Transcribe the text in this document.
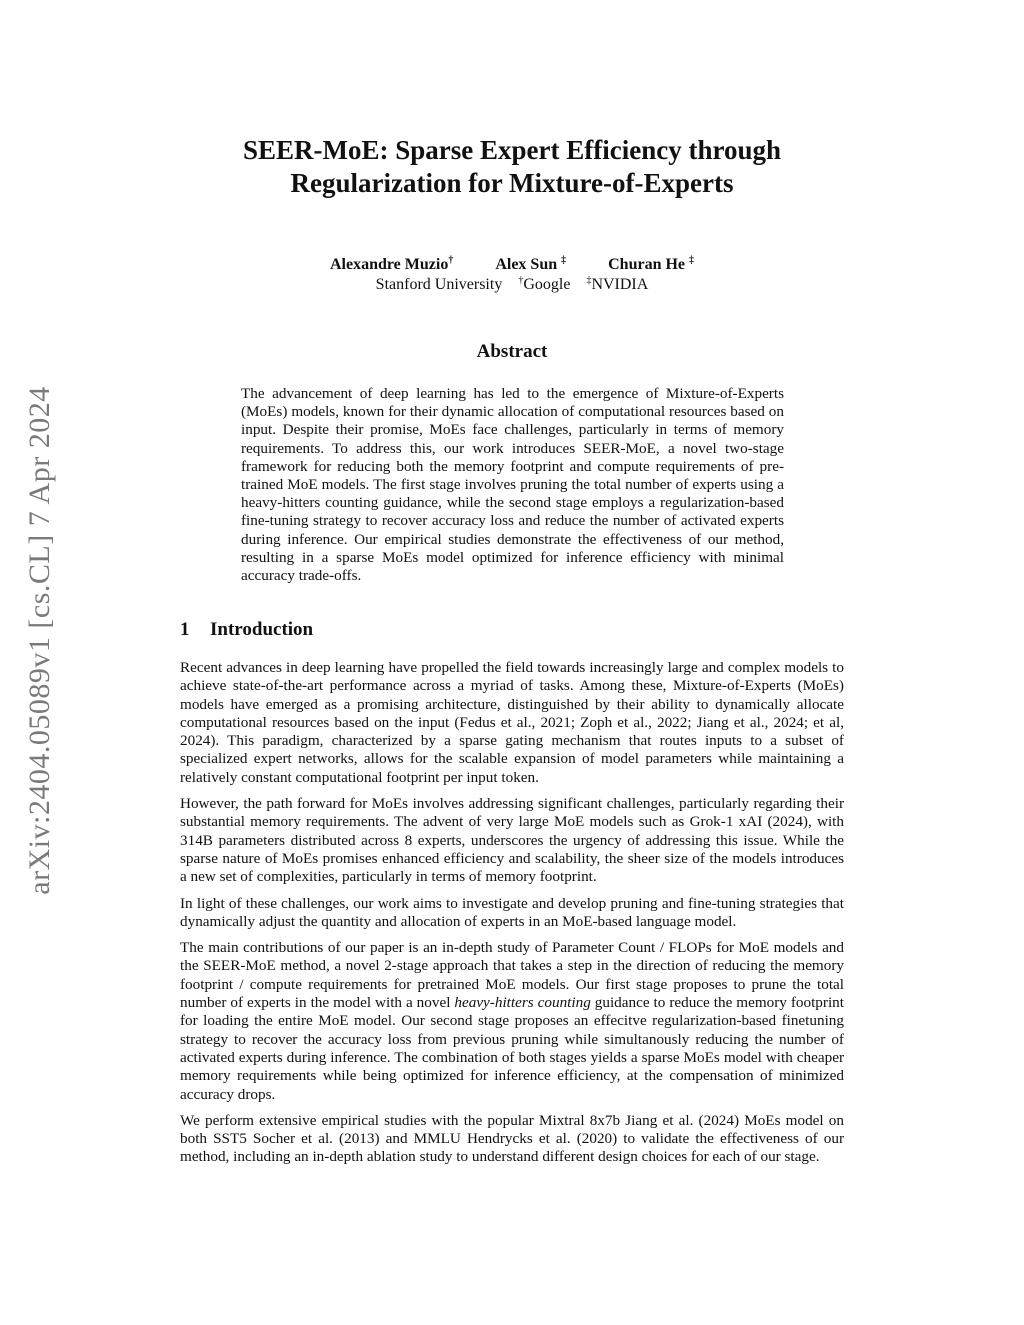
arXiv:2404.05089v1 [cs.CL] 7 Apr 2024
SEER-MoE: Sparse Expert Efficiency through
Regularization for Mixture-of-Experts
Alexandre Muzio†	Alex Sun ‡	Churan He ‡
Stanford University †Google ‡NVIDIA
Abstract

The advancement of deep learning has led to the emergence of Mixture-of-Experts (MoEs) models, known for their dynamic allocation of computational resources based on input. Despite their promise, MoEs face challenges, particularly in terms of memory requirements. To address this, our work introduces SEER-MoE, a novel two-stage framework for reducing both the memory footprint and compute requirements of pre-trained MoE models. The first stage involves pruning the total number of experts using a heavy-hitters counting guidance, while the second stage employs a regularization-based fine-tuning strategy to recover accuracy loss and reduce the number of activated experts during inference. Our empirical studies demonstrate the effectiveness of our method, resulting in a sparse MoEs model optimized for inference efficiency with minimal accuracy trade-offs.

1 Introduction

Recent advances in deep learning have propelled the field towards increasingly large and complex models to achieve state-of-the-art performance across a myriad of tasks. Among these, Mixture-of-Experts (MoEs) models have emerged as a promising architecture, distinguished by their ability to dynamically allocate computational resources based on the input (Fedus et al., 2021; Zoph et al., 2022; Jiang et al., 2024; et al, 2024). This paradigm, characterized by a sparse gating mechanism that routes inputs to a subset of specialized expert networks, allows for the scalable expansion of model parameters while maintaining a relatively constant computational footprint per input token.

However, the path forward for MoEs involves addressing significant challenges, particularly regarding their substantial memory requirements. The advent of very large MoE models such as Grok-1 xAI (2024), with 314B parameters distributed across 8 experts, underscores the urgency of addressing this issue. While the sparse nature of MoEs promises enhanced efficiency and scalability, the sheer size of the models introduces a new set of complexities, particularly in terms of memory footprint.

In light of these challenges, our work aims to investigate and develop pruning and fine-tuning strategies that dynamically adjust the quantity and allocation of experts in an MoE-based language model.

The main contributions of our paper is an in-depth study of Parameter Count / FLOPs for MoE models and the SEER-MoE method, a novel 2-stage approach that takes a step in the direction of reducing the memory footprint / compute requirements for pretrained MoE models. Our first stage proposes to prune the total number of experts in the model with a novel heavy-hitters counting guidance to reduce the memory footprint for loading the entire MoE model. Our second stage proposes an effecitve regularization-based finetuning strategy to recover the accuracy loss from previous pruning while simultanously reducing the number of activated experts during inference. The combination of both stages yields a sparse MoEs model with cheaper memory requirements while being optimized for inference efficiency, at the compensation of minimized accuracy drops.

We perform extensive empirical studies with the popular Mixtral 8x7b Jiang et al. (2024) MoEs model on both SST5 Socher et al. (2013) and MMLU Hendrycks et al. (2020) to validate the effectiveness of our method, including an in-depth ablation study to understand different design choices for each of our stage.
